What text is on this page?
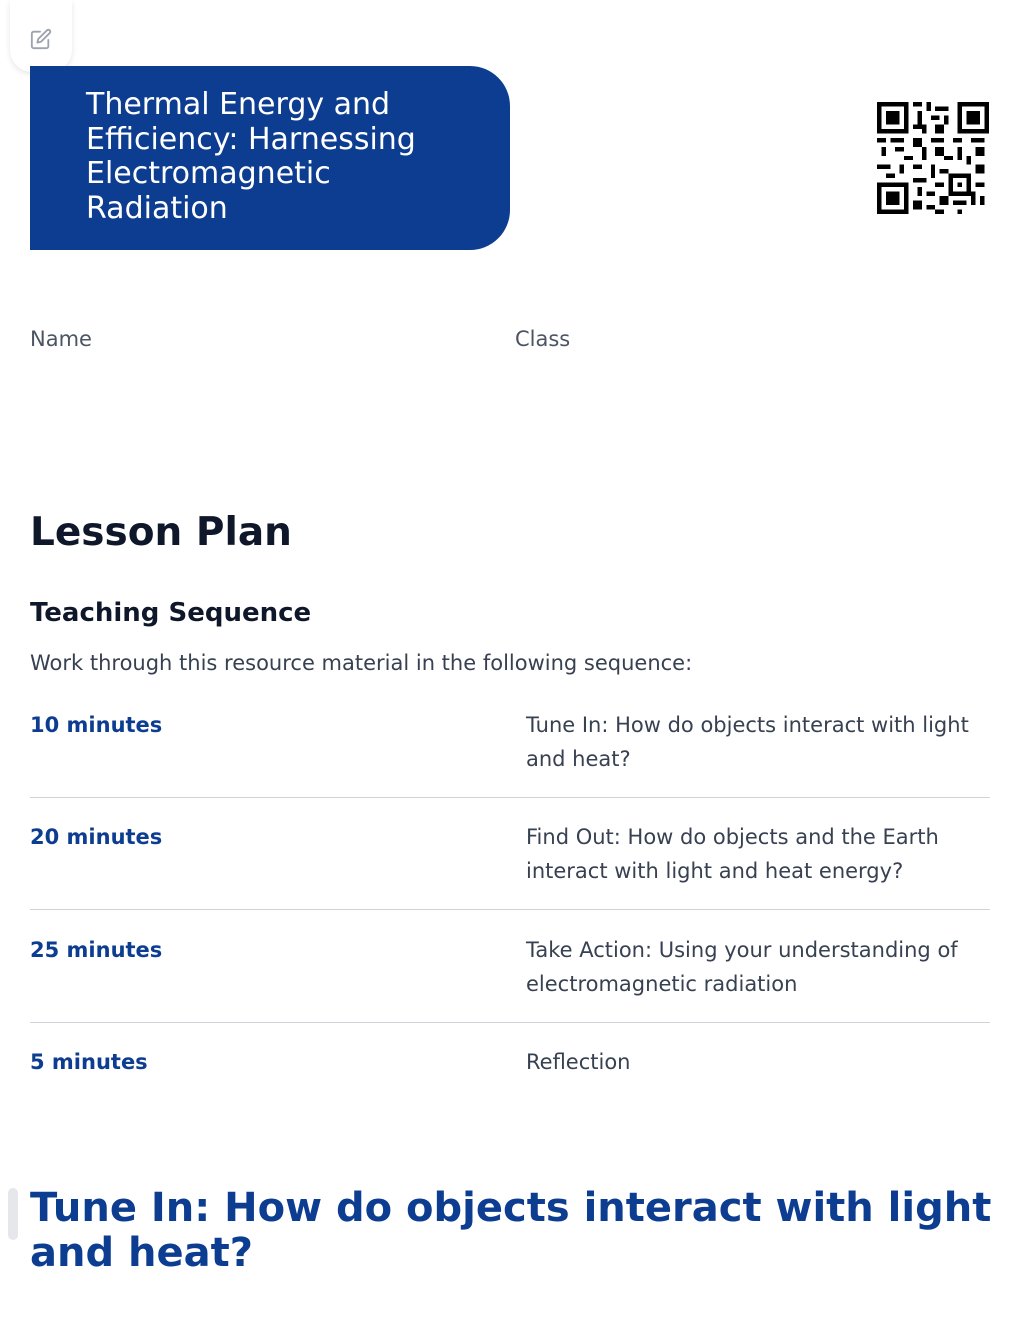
Thermal Energy and
Efficiency: Harnessing
Electromagnetic
Radiation
Name	Class
Lesson Plan
Teaching Sequence
Work through this resource material in the following sequence:
10 minutes	Tune In: How do objects interact with light and heat?
20 minutes	Find Out: How do objects and the Earth interact with light and heat energy?
25 minutes	Take Action: Using your understanding of electromagnetic radiation
5 minutes	Reflection
Tune In: How do objects interact with light and heat?
